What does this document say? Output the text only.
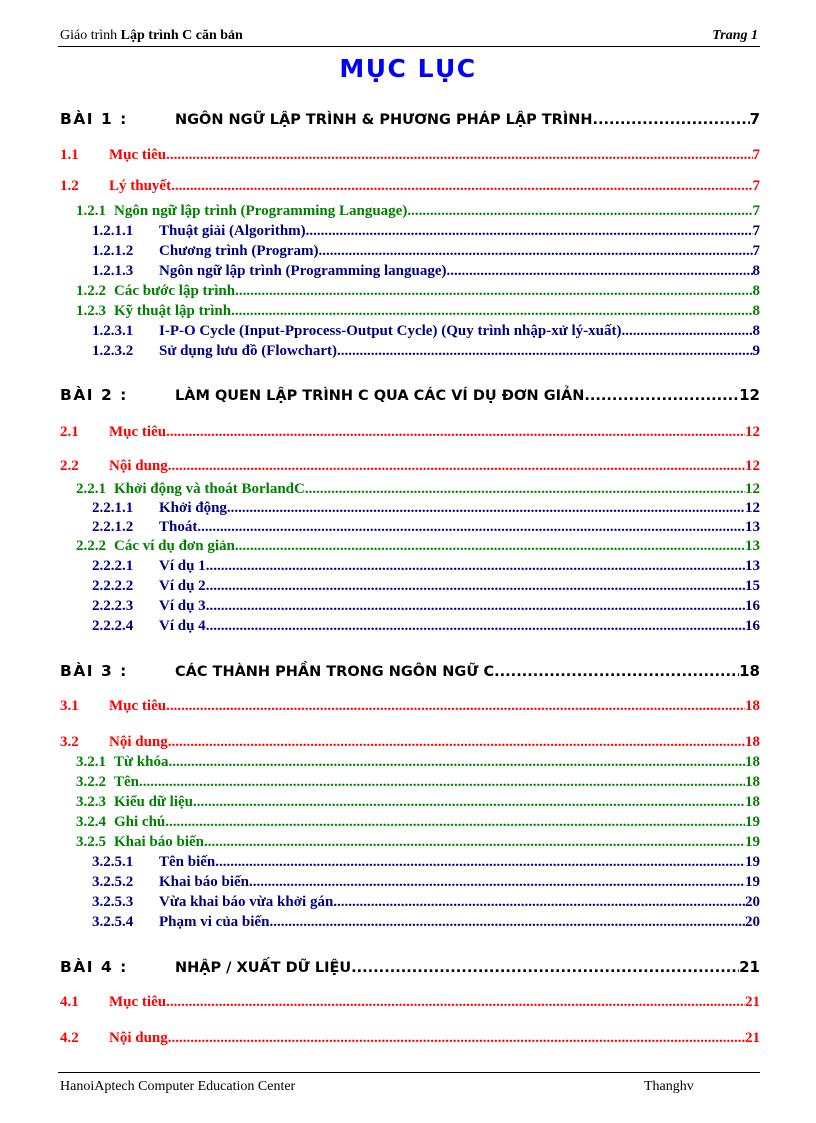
Giáo trình Lập trình C căn bản	Trang 1
MỤC LỤC
BÀI 1 :	NGÔN NGỮ LẬP TRÌNH & PHƯƠNG PHÁP LẬP TRÌNH .....	7
1.1	Mục tiêu .....	7
1.2	Lý thuyết .....	7
1.2.1 Ngôn ngữ lập trình (Programming Language) .....	7
1.2.1.1	Thuật giải (Algorithm) .....	7
1.2.1.2	Chương trình (Program) .....	7
1.2.1.3	Ngôn ngữ lập trình (Programming language) .....	8
1.2.2 Các bước lập trình .....	8
1.2.3 Kỹ thuật lập trình .....	8
1.2.3.1	I-P-O Cycle (Input-Pprocess-Output Cycle) (Quy trình nhập-xử lý-xuất) .....	8
1.2.3.2	Sử dụng lưu đồ (Flowchart) .....	9
BÀI 2 :	LÀM QUEN LẬP TRÌNH C QUA CÁC VÍ DỤ ĐƠN GIẢN .....	12
2.1	Mục tiêu .....	12
2.2	Nội dung .....	12
2.2.1 Khởi động và thoát BorlandC .....	12
2.2.1.1	Khởi động .....	12
2.2.1.2	Thoát .....	13
2.2.2 Các ví dụ đơn giản .....	13
2.2.2.1	Ví dụ 1 .....	13
2.2.2.2	Ví dụ 2 .....	15
2.2.2.3	Ví dụ 3 .....	16
2.2.2.4	Ví dụ 4 .....	16
BÀI 3 :	CÁC THÀNH PHẦN TRONG NGÔN NGỮ C .....	18
3.1	Mục tiêu .....	18
3.2	Nội dung .....	18
3.2.1 Từ khóa .....	18
3.2.2 Tên .....	18
3.2.3 Kiểu dữ liệu .....	18
3.2.4 Ghi chú .....	19
3.2.5 Khai báo biến .....	19
3.2.5.1	Tên biến .....	19
3.2.5.2	Khai báo biến .....	19
3.2.5.3	Vừa khai báo vừa khởi gán .....	20
3.2.5.4	Phạm vi của biến .....	20
BÀI 4 :	NHẬP / XUẤT DỮ LIỆU .....	21
4.1	Mục tiêu .....	21
4.2	Nội dung .....	21
HanoiAptech Computer Education Center	Thanghv
